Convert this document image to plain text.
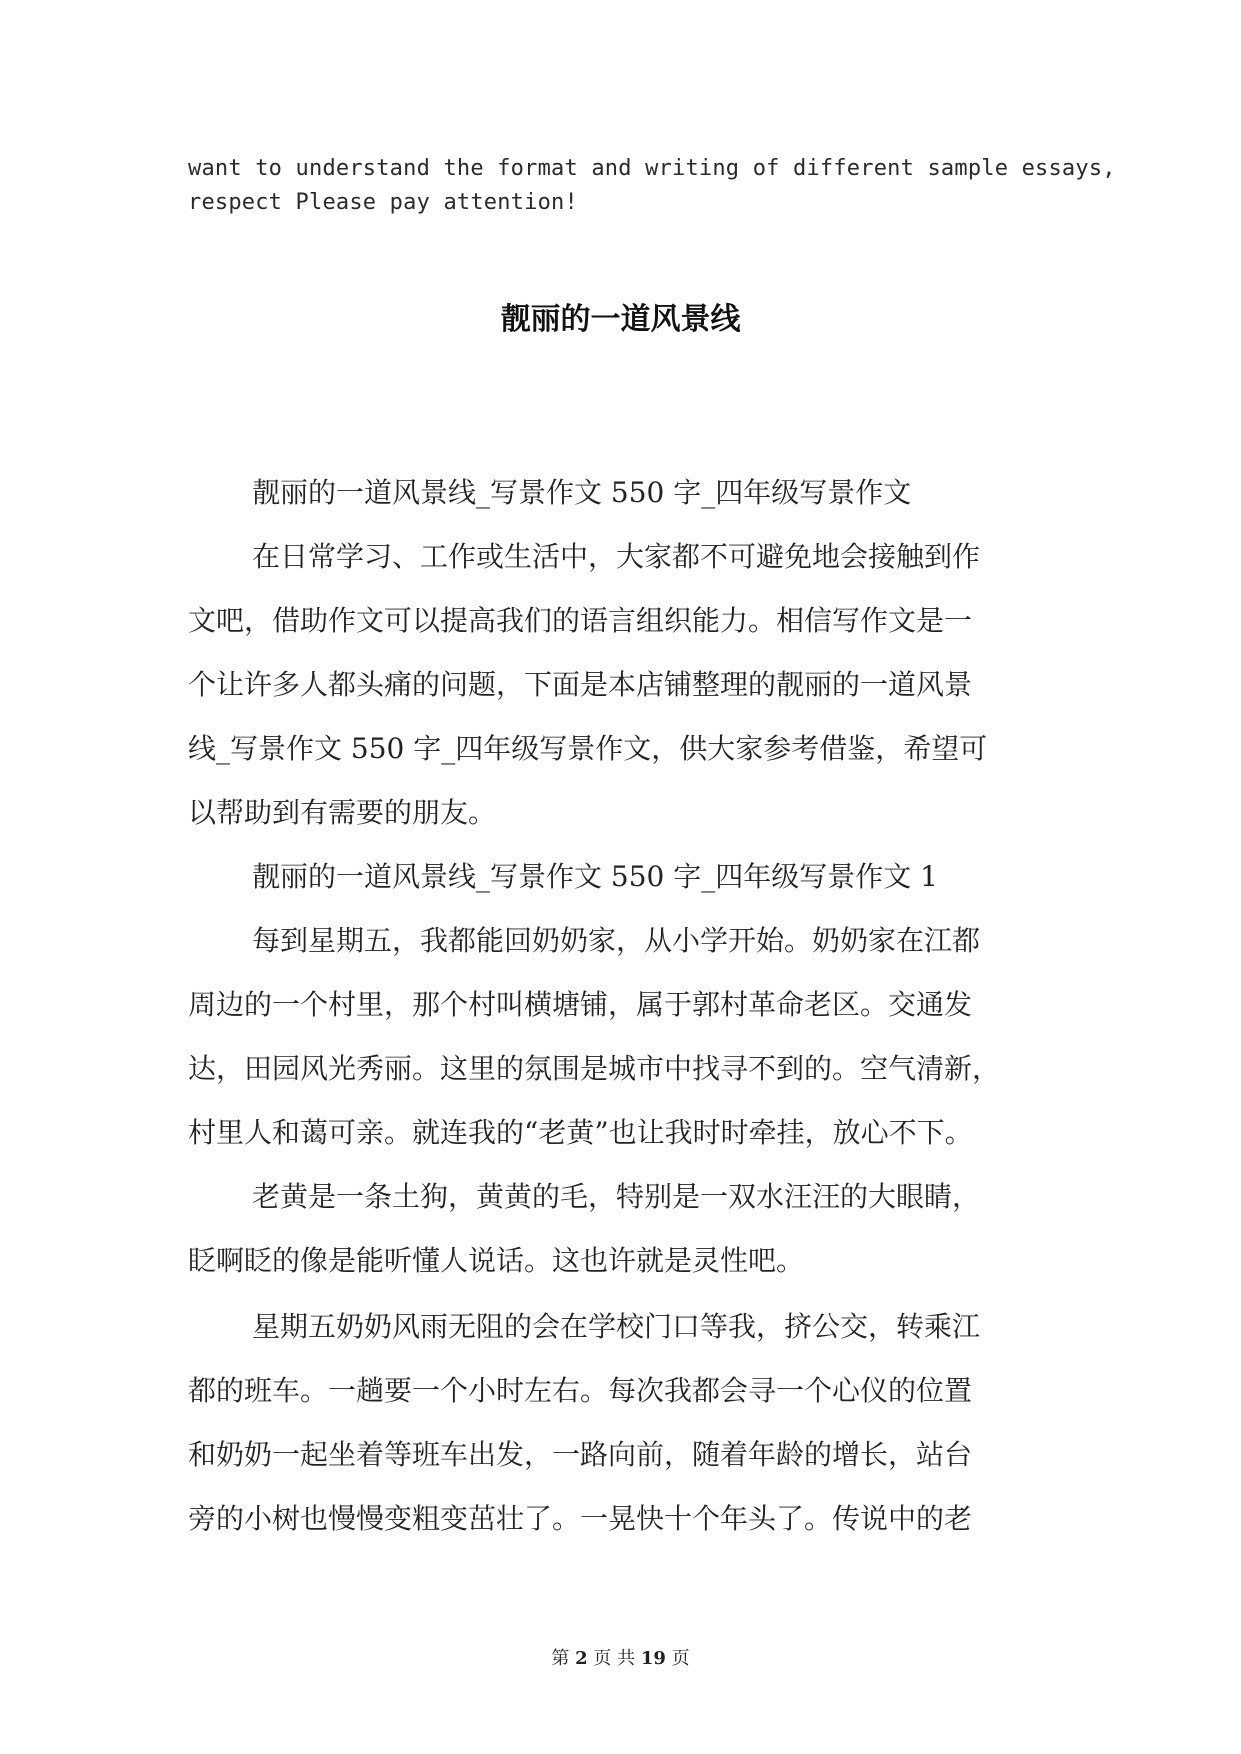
want to understand the format and writing of different sample essays,
respect Please pay attention!
靓丽的一道风景线
靓丽的一道风景线_写景作文 550 字_四年级写景作文
在日常学习、工作或生活中，大家都不可避免地会接触到作
文吧，借助作文可以提高我们的语言组织能力。相信写作文是一
个让许多人都头痛的问题，下面是本店铺整理的靓丽的一道风景
线_写景作文 550 字_四年级写景作文，供大家参考借鉴，希望可
以帮助到有需要的朋友。
靓丽的一道风景线_写景作文 550 字_四年级写景作文 1
每到星期五，我都能回奶奶家，从小学开始。奶奶家在江都
周边的一个村里，那个村叫横塘铺，属于郭村革命老区。交通发
达，田园风光秀丽。这里的氛围是城市中找寻不到的。空气清新，
村里人和蔼可亲。就连我的“老黄”也让我时时牵挂，放心不下。
老黄是一条土狗，黄黄的毛，特别是一双水汪汪的大眼睛，
眨啊眨的像是能听懂人说话。这也许就是灵性吧。
星期五奶奶风雨无阻的会在学校门口等我，挤公交，转乘江
都的班车。一趟要一个小时左右。每次我都会寻一个心仪的位置
和奶奶一起坐着等班车出发，一路向前，随着年龄的增长，站台
旁的小树也慢慢变粗变茁壮了。一晃快十个年头了。传说中的老
第 2 页 共 19 页
